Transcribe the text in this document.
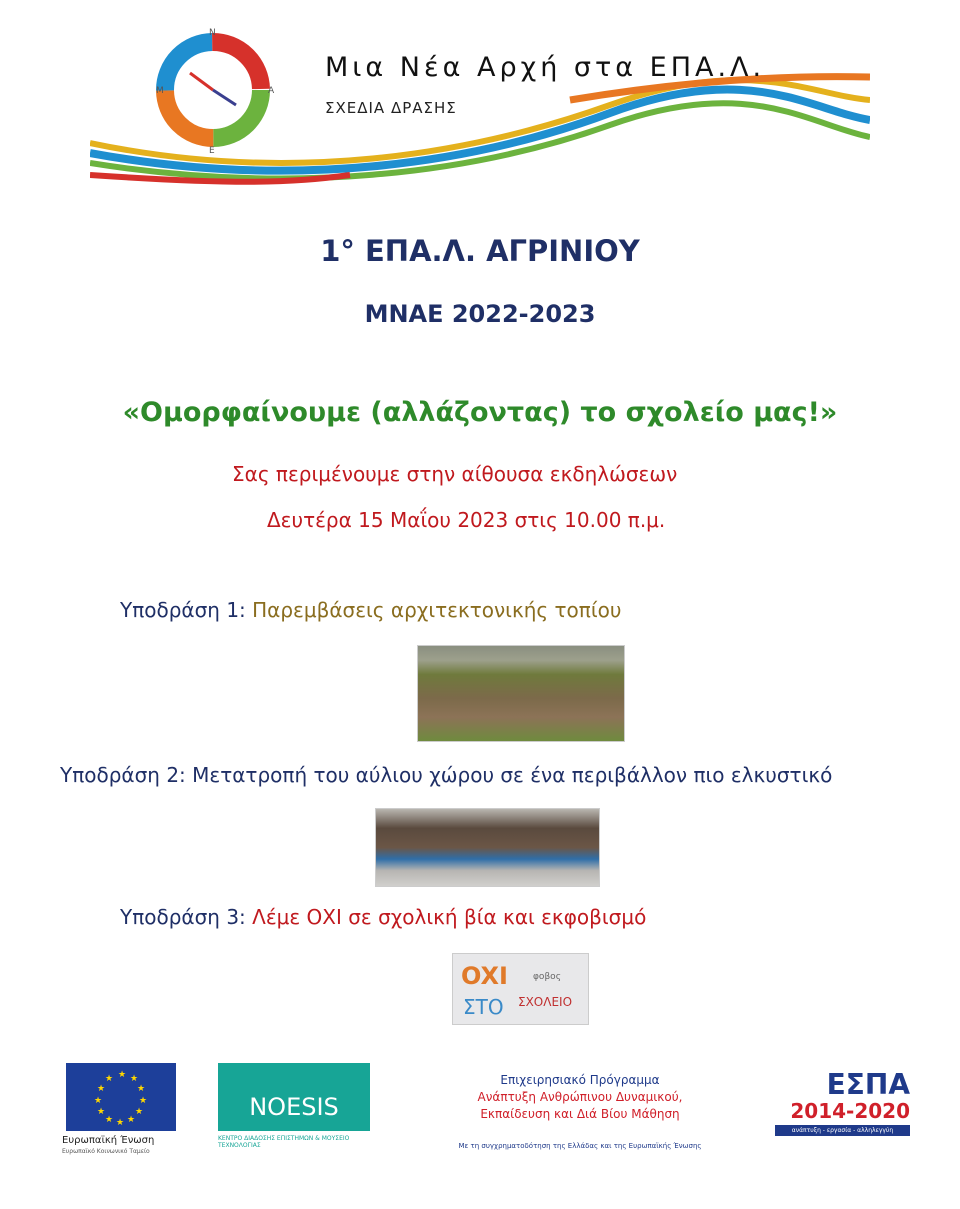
N
Ε
Μ	Α
Μια Νέα Αρχή στα ΕΠΑ.Λ.
ΣΧΕΔΙΑ ΔΡΑΣΗΣ
1° ΕΠΑ.Λ. ΑΓΡΙΝΙΟΥ
ΜΝΑΕ 2022-2023
«Ομορφαίνουμε (αλλάζοντας) το σχολείο μας!»
Σας περιμένουμε στην αίθουσα εκδηλώσεων
Δευτέρα 15 Μαΐου 2023 στις 10.00 π.μ.
Υποδράση 1: Παρεμβάσεις αρχιτεκτονικής τοπίου
Υποδράση 2: Μετατροπή του αύλιου χώρου σε ένα περιβάλλον πιο ελκυστικό
Υποδράση 3: Λέμε ΟΧΙ σε σχολική βία και εκφοβισμό
OXI
ΣΤΟ ΣΧΟΛΕΙΟ
φοβος
★ ★
★
★
★
★
★
★
★
★
★
★
Ευρωπαϊκή Ένωση
Ευρωπαϊκό Κοινωνικό Ταμείο
NOESIS
ΚΕΝΤΡΟ ΔΙΑΔΟΣΗΣ ΕΠΙΣΤΗΜΩΝ & ΜΟΥΣΕΙΟ ΤΕΧΝΟΛΟΓΙΑΣ
Επιχειρησιακό Πρόγραμμα
Ανάπτυξη Ανθρώπινου Δυναμικού,
Εκπαίδευση και Διά Βίου Μάθηση
Με τη συγχρηματοδότηση της Ελλάδας και της Ευρωπαϊκής Ένωσης
ΕΣΠΑ
2014-2020
ανάπτυξη - εργασία - αλληλεγγύη
